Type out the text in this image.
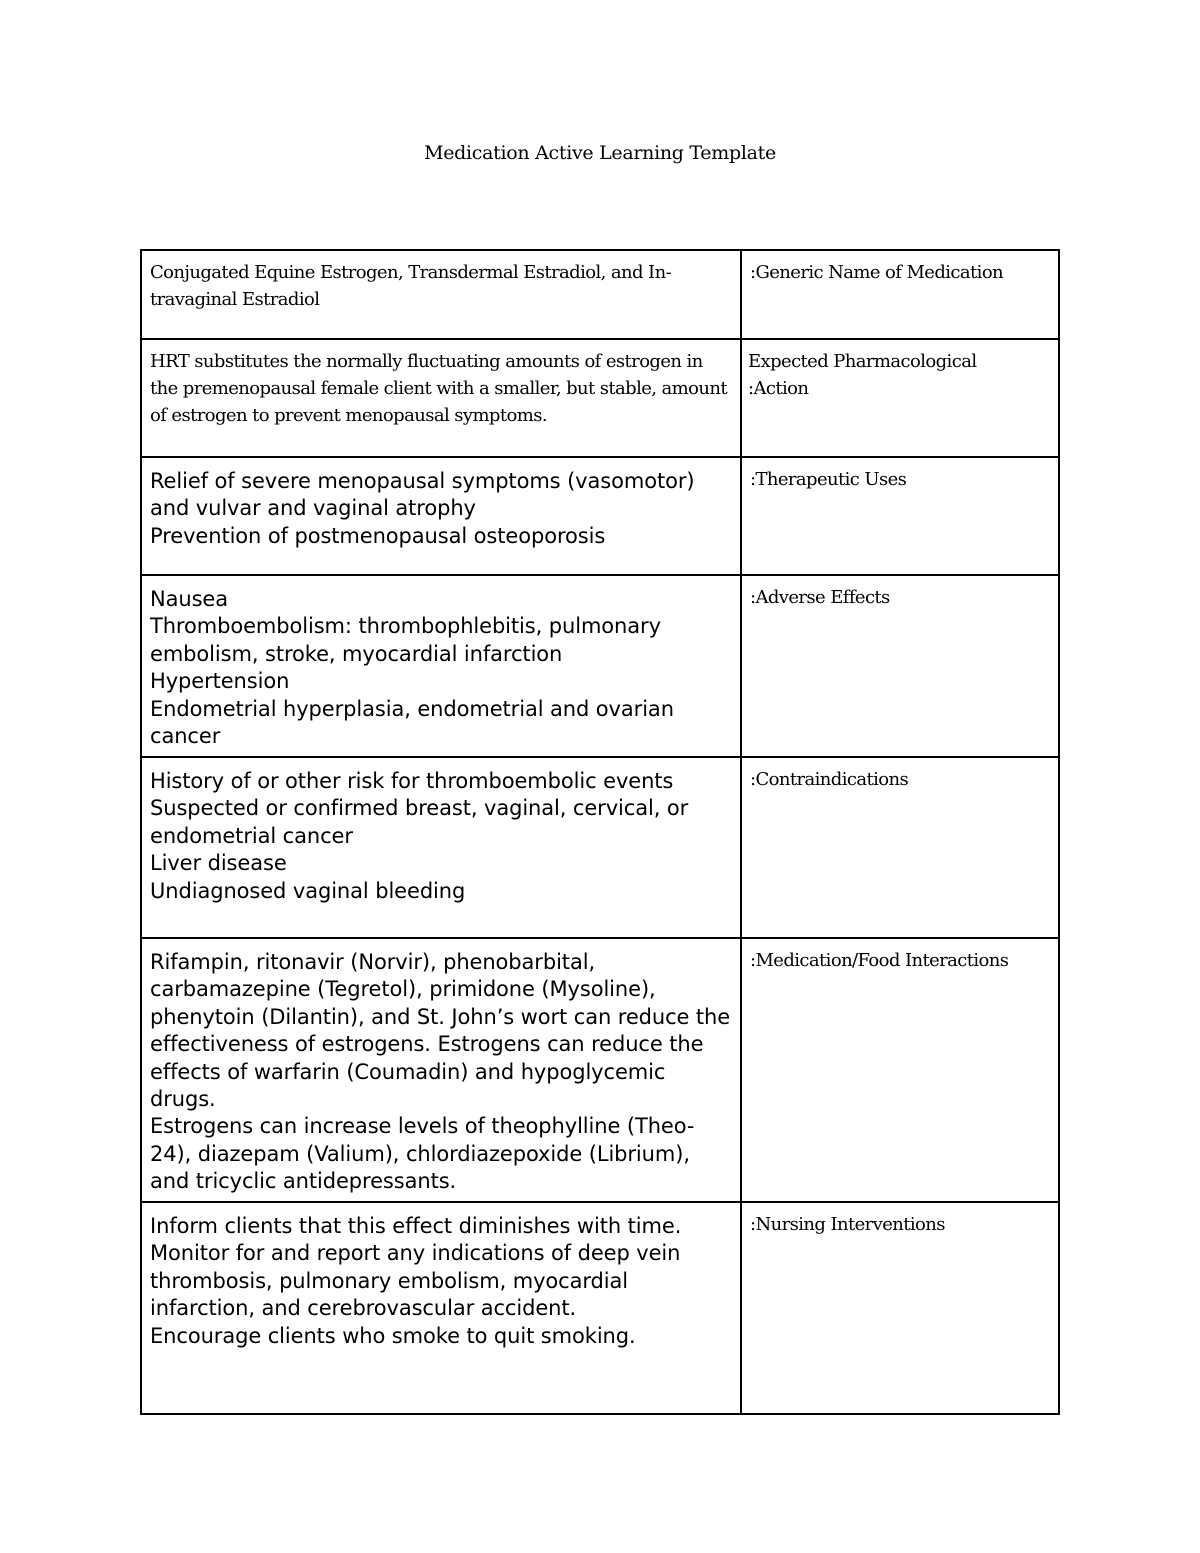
Medication Active Learning Template
Conjugated Equine Estrogen, Transdermal Estradiol, and In-
travaginal Estradiol	:Generic Name of Medication

HRT substitutes the normally fluctuating amounts of estrogen in the premenopausal female client with a smaller, but stable, amount of estrogen to prevent menopausal symptoms.	Expected Pharmacological
:Action

Relief of severe menopausal symptoms (vasomotor) and vulvar and vaginal atrophy
Prevention of postmenopausal osteoporosis	:Therapeutic Uses

Nausea
Thromboembolism: thrombophlebitis, pulmonary embolism, stroke, myocardial infarction
Hypertension
Endometrial hyperplasia, endometrial and ovarian cancer	:Adverse Effects

History of or other risk for thromboembolic events
Suspected or confirmed breast, vaginal, cervical, or endometrial cancer
Liver disease
Undiagnosed vaginal bleeding	:Contraindications

Rifampin, ritonavir (Norvir), phenobarbital, carbamazepine (Tegretol), primidone (Mysoline), phenytoin (Dilantin), and St. John’s wort can reduce the effectiveness of estrogens. Estrogens can reduce the effects of warfarin (Coumadin) and hypoglycemic drugs.
Estrogens can increase levels of theophylline (Theo-24), diazepam (Valium), chlordiazepoxide (Librium), and tricyclic antidepressants.	:Medication/Food Interactions

Inform clients that this effect diminishes with time.
Monitor for and report any indications of deep vein thrombosis, pulmonary embolism, myocardial infarction, and cerebrovascular accident.
Encourage clients who smoke to quit smoking.	:Nursing Interventions
